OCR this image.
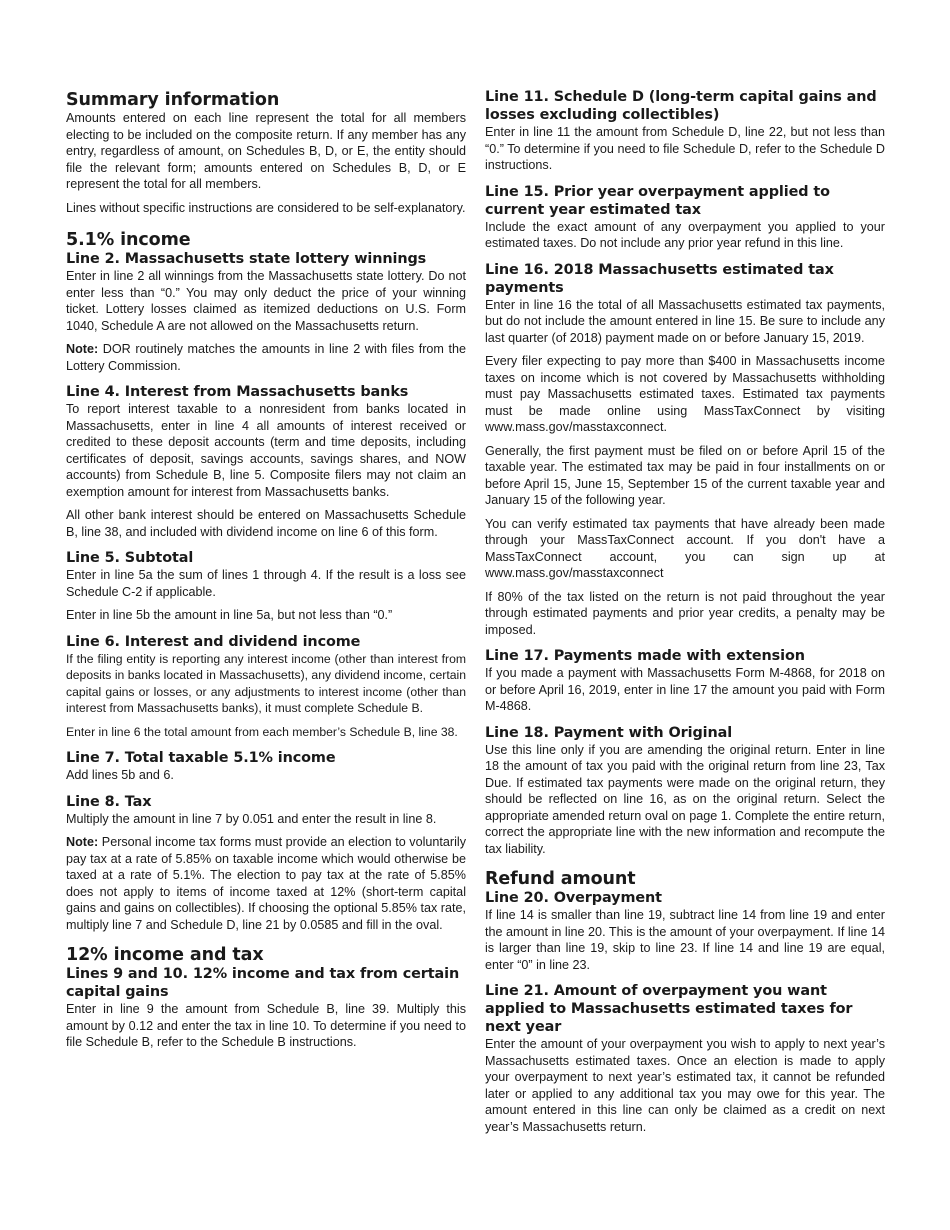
Summary information

Amounts entered on each line represent the total for all members electing to be included on the composite return. If any member has any entry, regardless of amount, on Schedules B, D, or E, the entity should file the relevant form; amounts entered on Schedules B, D, or E represent the total for all members.

Lines without specific instructions are considered to be self-explanatory.

5.1% income
Line 2. Massachusetts state lottery winnings

Enter in line 2 all winnings from the Massachusetts state lottery. Do not enter less than “0.” You may only deduct the price of your winning ticket. Lottery losses claimed as itemized deductions on U.S. Form 1040, Schedule A are not allowed on the Massachusetts return.

Note: DOR routinely matches the amounts in line 2 with files from the Lottery Commission.

Line 4. Interest from Massachusetts banks

To report interest taxable to a nonresident from banks located in Massachusetts, enter in line 4 all amounts of interest received or credited to these deposit accounts (term and time deposits, including certificates of deposit, savings accounts, savings shares, and NOW accounts) from Schedule B, line 5. Composite filers may not claim an exemption amount for interest from Massachusetts banks.

All other bank interest should be entered on Massachusetts Schedule B, line 38, and included with dividend income on line 6 of this form.

Line 5. Subtotal

Enter in line 5a the sum of lines 1 through 4. If the result is a loss see Schedule C-2 if applicable.

Enter in line 5b the amount in line 5a, but not less than “0.”

Line 6. Interest and dividend income

If the filing entity is reporting any interest income (other than interest from deposits in banks located in Massachusetts), any dividend income, certain capital gains or losses, or any adjustments to interest income (other than interest from Massachusetts banks), it must complete Schedule B.

Enter in line 6 the total amount from each member’s Schedule B, line 38.

Line 7. Total taxable 5.1% income

Add lines 5b and 6.

Line 8. Tax

Multiply the amount in line 7 by 0.051 and enter the result in line 8.

Note: Personal income tax forms must provide an election to voluntarily pay tax at a rate of 5.85% on taxable income which would otherwise be taxed at a rate of 5.1%. The election to pay tax at the rate of 5.85% does not apply to items of income taxed at 12% (short-term capital gains and gains on collectibles). If choosing the optional 5.85% tax rate, multiply line 7 and Schedule D, line 21 by 0.0585 and fill in the oval.

12% income and tax
Lines 9 and 10. 12% income and tax from certain capital gains

Enter in line 9 the amount from Schedule B, line 39. Multiply this amount by 0.12 and enter the tax in line 10. To determine if you need to file Schedule B, refer to the Schedule B instructions.

Line 11. Schedule D (long-term capital gains and losses excluding collectibles)

Enter in line 11 the amount from Schedule D, line 22, but not less than “0.” To determine if you need to file Schedule D, refer to the Schedule D instructions.

Line 15. Prior year overpayment applied to current year estimated tax

Include the exact amount of any overpayment you applied to your estimated taxes. Do not include any prior year refund in this line.

Line 16. 2018 Massachusetts estimated tax payments

Enter in line 16 the total of all Massachusetts estimated tax payments, but do not include the amount entered in line 15. Be sure to include any last quarter (of 2018) payment made on or before January 15, 2019.

Every filer expecting to pay more than $400 in Massachusetts income taxes on income which is not covered by Massachusetts withholding must pay Massachusetts estimated taxes. Estimated tax payments must be made online using MassTaxConnect by visiting www.mass.gov/masstaxconnect.

Generally, the first payment must be filed on or before April 15 of the taxable year. The estimated tax may be paid in four installments on or before April 15, June 15, September 15 of the current taxable year and January 15 of the following year.

You can verify estimated tax payments that have already been made through your MassTaxConnect account. If you don't have a MassTaxConnect account, you can sign up at www.mass.gov/masstaxconnect

If 80% of the tax listed on the return is not paid throughout the year through estimated payments and prior year credits, a penalty may be imposed.

Line 17. Payments made with extension

If you made a payment with Massachusetts Form M-4868, for 2018 on or before April 16, 2019, enter in line 17 the amount you paid with Form M-4868.

Line 18. Payment with Original

Use this line only if you are amending the original return. Enter in line 18 the amount of tax you paid with the original return from line 23, Tax Due. If estimated tax payments were made on the original return, they should be reflected on line 16, as on the original return. Select the appropriate amended return oval on page 1. Complete the entire return, correct the appropriate line with the new information and recompute the tax liability.

Refund amount
Line 20. Overpayment

If line 14 is smaller than line 19, subtract line 14 from line 19 and enter the amount in line 20. This is the amount of your overpayment. If line 14 is larger than line 19, skip to line 23. If line 14 and line 19 are equal, enter “0” in line 23.

Line 21. Amount of overpayment you want applied to Massachusetts estimated taxes for next year

Enter the amount of your overpayment you wish to apply to next year’s Massachusetts estimated taxes. Once an election is made to apply your overpayment to next year’s estimated tax, it cannot be refunded later or applied to any additional tax you may owe for this year. The amount entered in this line can only be claimed as a credit on next year’s Massachusetts return.
